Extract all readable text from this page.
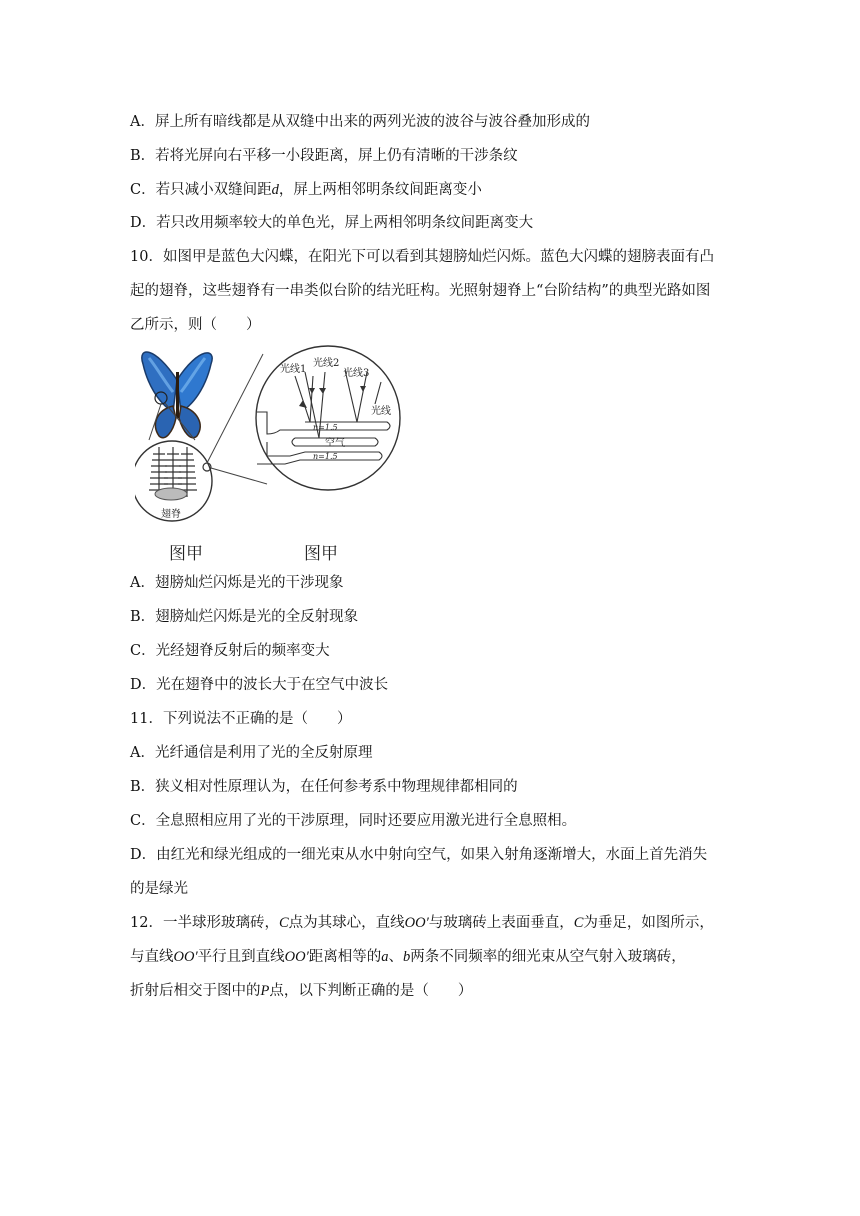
A．屏上所有暗线都是从双缝中出来的两列光波的波谷与波谷叠加形成的
B．若将光屏向右平移一小段距离，屏上仍有清晰的干涉条纹
C．若只减小双缝间距d，屏上两相邻明条纹间距离变小
D．若只改用频率较大的单色光，屏上两相邻明条纹间距离变大
10．如图甲是蓝色大闪蝶，在阳光下可以看到其翅膀灿烂闪烁。蓝色大闪蝶的翅膀表面有凸
起的翅脊，这些翅脊有一串类似台阶的结光旺构。光照射翅脊上“台阶结构”的典型光路如图
乙所示，则（　　）
翅脊
n=1.5
空气
n=1.5
光线1
光线2
光线3
光线
图甲	图甲
A．翅膀灿烂闪烁是光的干涉现象
B．翅膀灿烂闪烁是光的全反射现象
C．光经翅脊反射后的频率变大
D．光在翅脊中的波长大于在空气中波长
11．下列说法不正确的是（　　）
A．光纤通信是利用了光的全反射原理
B．狭义相对性原理认为，在任何参考系中物理规律都相同的
C．全息照相应用了光的干涉原理，同时还要应用激光进行全息照相。
D．由红光和绿光组成的一细光束从水中射向空气，如果入射角逐渐增大，水面上首先消失
的是绿光
12．一半球形玻璃砖，C点为其球心，直线OO′与玻璃砖上表面垂直，C为垂足，如图所示，
与直线OO′平行且到直线OO′距离相等的a、b两条不同频率的细光束从空气射入玻璃砖，
折射后相交于图中的P点，以下判断正确的是（　　）
